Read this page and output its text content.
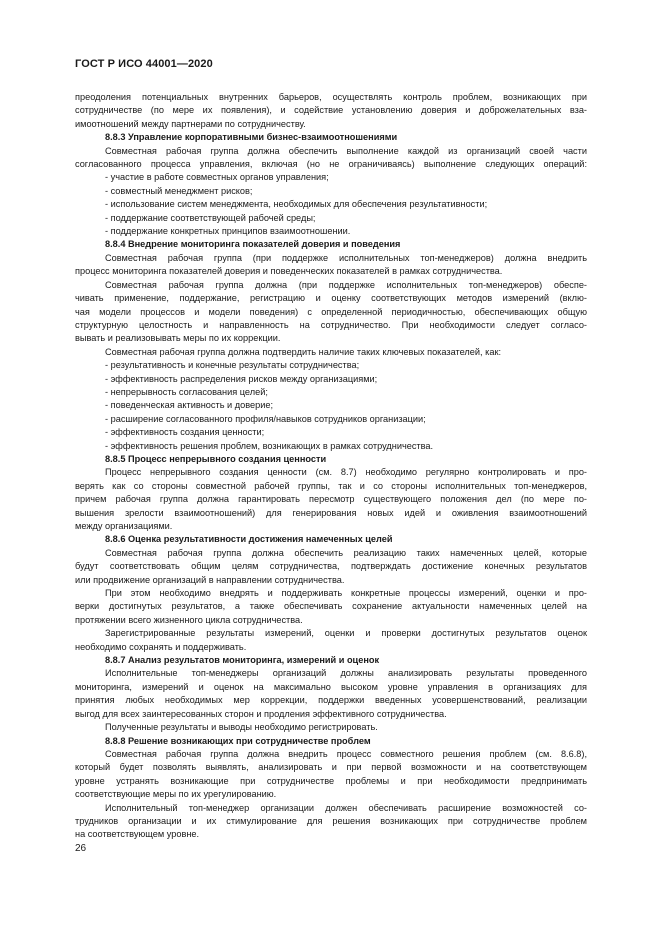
ГОСТ Р ИСО 44001—2020

преодоления потенциальных внутренних барьеров, осуществлять контроль проблем, возникающих при

сотрудничестве (по мере их появления), и содействие установлению доверия и доброжелательных вза-

имоотношений между партнерами по сотрудничеству.

8.8.3 Управление корпоративными бизнес-взаимоотношениями

Совместная рабочая группа должна обеспечить выполнение каждой из организаций своей части

согласованного процесса управления, включая (но не ограничиваясь) выполнение следующих операций:

- участие в работе совместных органов управления;

- совместный менеджмент рисков;

- использование систем менеджмента, необходимых для обеспечения результативности;

- поддержание соответствующей рабочей среды;

- поддержание конкретных принципов взаимоотношении.

8.8.4 Внедрение мониторинга показателей доверия и поведения

Совместная рабочая группа (при поддержке исполнительных топ-менеджеров) должна внедрить

процесс мониторинга показателей доверия и поведенческих показателей в рамках сотрудничества.

Совместная рабочая группа должна (при поддержке исполнительных топ-менеджеров) обеспе-

чивать применение, поддержание, регистрацию и оценку соответствующих методов измерений (вклю-

чая модели процессов и модели поведения) с определенной периодичностью, обеспечивающих общую

структурную целостность и направленность на сотрудничество. При необходимости следует согласо-

вывать и реализовывать меры по их коррекции.

Совместная рабочая группа должна подтвердить наличие таких ключевых показателей, как:

- результативность и конечные результаты сотрудничества;

- эффективность распределения рисков между организациями;

- непрерывность согласования целей;

- поведенческая активность и доверие;

- расширение согласованного профиля/навыков сотрудников организации;

- эффективность создания ценности;

- эффективность решения проблем, возникающих в рамках сотрудничества.

8.8.5 Процесс непрерывного создания ценности

Процесс непрерывного создания ценности (см. 8.7) необходимо регулярно контролировать и про-

верять как со стороны совместной рабочей группы, так и со стороны исполнительных топ-менеджеров,

причем рабочая группа должна гарантировать пересмотр существующего положения дел (по мере по-

вышения зрелости взаимоотношений) для генерирования новых идей и оживления взаимоотношений

между организациями.

8.8.6 Оценка результативности достижения намеченных целей

Совместная рабочая группа должна обеспечить реализацию таких намеченных целей, которые

будут соответствовать общим целям сотрудничества, подтверждать достижение конечных результатов

или продвижение организаций в направлении сотрудничества.

При этом необходимо внедрять и поддерживать конкретные процессы измерений, оценки и про-

верки достигнутых результатов, а также обеспечивать сохранение актуальности намеченных целей на

протяжении всего жизненного цикла сотрудничества.

Зарегистрированные результаты измерений, оценки и проверки достигнутых результатов оценок

необходимо сохранять и поддерживать.

8.8.7 Анализ результатов мониторинга, измерений и оценок

Исполнительные топ-менеджеры организаций должны анализировать результаты проведенного

мониторинга, измерений и оценок на максимально высоком уровне управления в организациях для

принятия любых необходимых мер коррекции, поддержки введенных усовершенствований, реализации

выгод для всех заинтересованных сторон и продления эффективного сотрудничества.

Полученные результаты и выводы необходимо регистрировать.

8.8.8 Решение возникающих при сотрудничестве проблем

Совместная рабочая группа должна внедрить процесс совместного решения проблем (см. 8.6.8),

который будет позволять выявлять, анализировать и при первой возможности и на соответствующем

уровне устранять возникающие при сотрудничестве проблемы и при необходимости предпринимать

соответствующие меры по их урегулированию.

Исполнительный топ-менеджер организации должен обеспечивать расширение возможностей со-

трудников организации и их стимулирование для решения возникающих при сотрудничестве проблем

на соответствующем уровне.

26
